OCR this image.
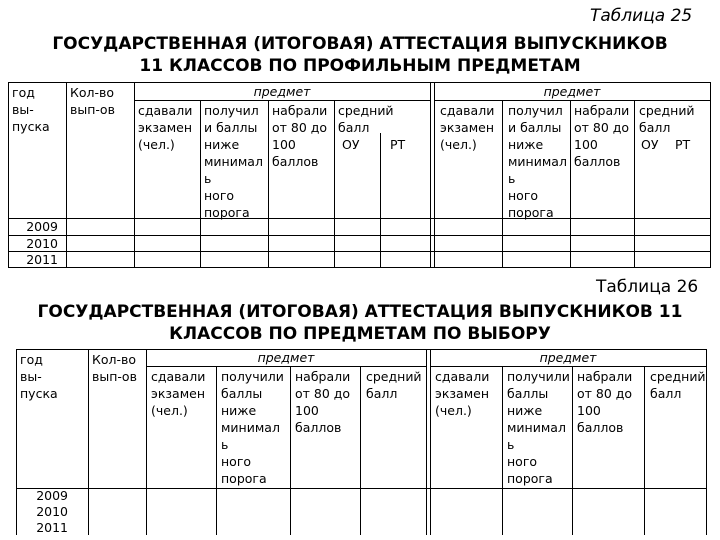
Таблица 25
ГОСУДАРСТВЕННАЯ (ИТОГОВАЯ) АТТЕСТАЦИЯ ВЫПУСКНИКОВ
11 КЛАССОВ ПО ПРОФИЛЬНЫМ ПРЕДМЕТАМ
год
вы-
пуска
Кол-во
вып-ов
предмет	предмет
сдавали
экзамен
(чел.)
получил
и баллы
ниже
минимал
ь
ного
порога
набрали
от 80 до
100
баллов
средний
балл
ОУ РТ
сдавали
экзамен
(чел.)
получил
и баллы
ниже
минимал
ь
ного
порога
набрали
от 80 до
100
баллов
средний
балл
ОУ РТ
2009
2010
2011
Таблица 26
ГОСУДАРСТВЕННАЯ (ИТОГОВАЯ) АТТЕСТАЦИЯ ВЫПУСКНИКОВ 11
КЛАССОВ ПО ПРЕДМЕТАМ ПО ВЫБОРУ
год
вы-
пуска
Кол-во
вып-ов
предмет	предмет
сдавали
экзамен
(чел.)
получили
баллы
ниже
минимал
ь
ного
порога
набрали
от 80 до
100
баллов
средний
балл
сдавали
экзамен
(чел.)
получили
баллы
ниже
минимал
ь
ного
порога
набрали
от 80 до
100
баллов
средний
балл
2009
2010
2011
